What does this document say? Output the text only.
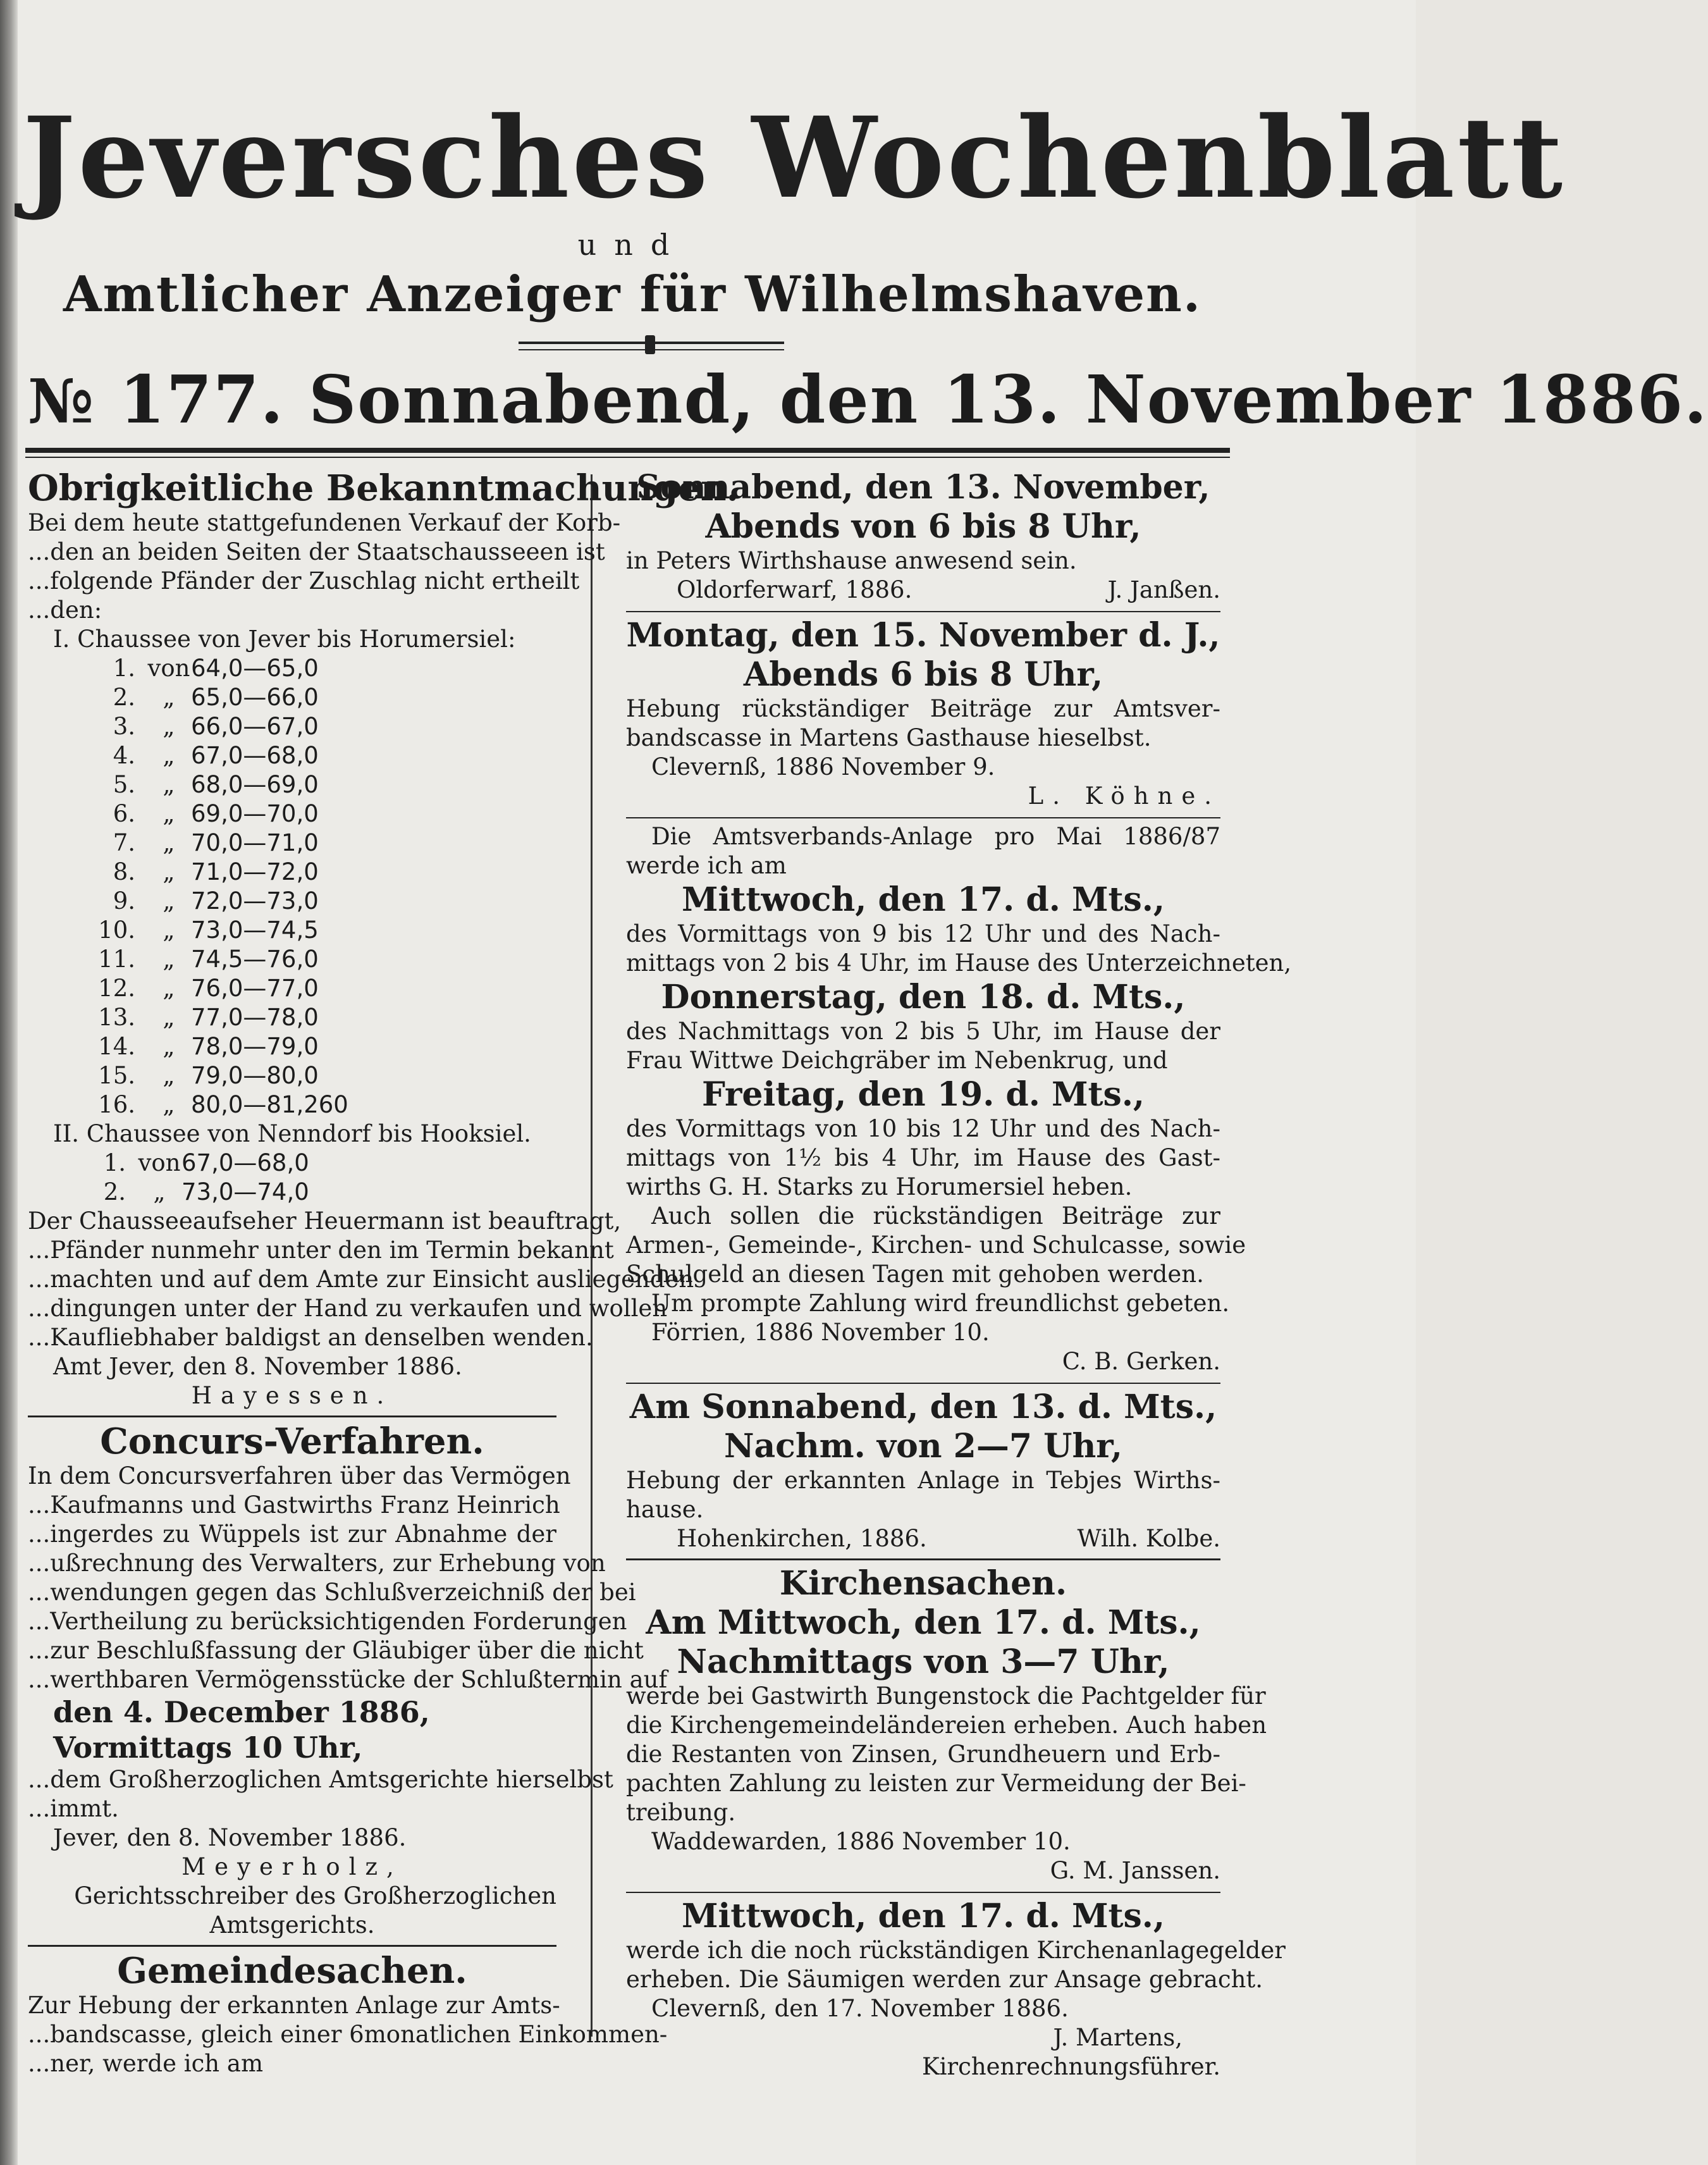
Jeversches Wochenblatt
und
Amtlicher Anzeiger für Wilhelmshaven.
№ 177. Sonnabend, den 13. November 1886.
Obrigkeitliche Bekanntmachungen.
Bei dem heute stattgefundenen Verkauf der Korb-
...den an beiden Seiten der Staatschausseeen ist
...folgende Pfänder der Zuschlag nicht ertheilt
...den:
I. Chaussee von Jever bis Horumersiel:
1. von 64,0—65,0
2.	„ 65,0—66,0
3.	„ 66,0—67,0
4.	„ 67,0—68,0
5.	„ 68,0—69,0
6.	„ 69,0—70,0
7.	„ 70,0—71,0
8.	„ 71,0—72,0
9.	„ 72,0—73,0
10.	„ 73,0—74,5
11.	„ 74,5—76,0
12.	„ 76,0—77,0
13.	„ 77,0—78,0
14.	„ 78,0—79,0
15.	„ 79,0—80,0
16.	„ 80,0—81,260
II. Chaussee von Nenndorf bis Hooksiel.
1. von 67,0—68,0
2.	„ 73,0—74,0
Der Chausseeaufseher Heuermann ist beauftragt,
...Pfänder nunmehr unter den im Termin bekannt
...machten und auf dem Amte zur Einsicht ausliegenden
...dingungen unter der Hand zu verkaufen und wollen
...Kaufliebhaber baldigst an denselben wenden.
Amt Jever, den 8. November 1886.
Hayessen.
Concurs-Verfahren.
In dem Concursverfahren über das Vermögen
...Kaufmanns und Gastwirths Franz Heinrich
...ingerdes zu Wüppels ist zur Abnahme der
...ußrechnung des Verwalters, zur Erhebung von
...wendungen gegen das Schlußverzeichniß der bei
...Vertheilung zu berücksichtigenden Forderungen
...zur Beschlußfassung der Gläubiger über die nicht
...werthbaren Vermögensstücke der Schlußtermin auf
den 4. December 1886,
Vormittags 10 Uhr,
...dem Großherzoglichen Amtsgerichte hierselbst
...immt.
Jever, den 8. November 1886.
Meyerholz,
Gerichtsschreiber des Großherzoglichen
Amtsgerichts.
Gemeindesachen.
Zur Hebung der erkannten Anlage zur Amts-
...bandscasse, gleich einer 6monatlichen Einkommen-
...ner, werde ich am
Sonnabend, den 13. November,
Abends von 6 bis 8 Uhr,
in Peters Wirthshause anwesend sein.
Oldorferwarf, 1886.	J. Janßen.
Montag, den 15. November d. J.,
Abends 6 bis 8 Uhr,
Hebung rückständiger Beiträge zur Amtsver-
bandscasse in Martens Gasthause hieselbst.
Clevernß, 1886 November 9.
L. Köhne.
Die Amtsverbands-Anlage pro Mai 1886/87
werde ich am
Mittwoch, den 17. d. Mts.,
des Vormittags von 9 bis 12 Uhr und des Nach-
mittags von 2 bis 4 Uhr, im Hause des Unterzeichneten,
Donnerstag, den 18. d. Mts.,
des Nachmittags von 2 bis 5 Uhr, im Hause der
Frau Wittwe Deichgräber im Nebenkrug, und
Freitag, den 19. d. Mts.,
des Vormittags von 10 bis 12 Uhr und des Nach-
mittags von 1½ bis 4 Uhr, im Hause des Gast-
wirths G. H. Starks zu Horumersiel heben.
Auch sollen die rückständigen Beiträge zur
Armen-, Gemeinde-, Kirchen- und Schulcasse, sowie
Schulgeld an diesen Tagen mit gehoben werden.
Um prompte Zahlung wird freundlichst gebeten.
Förrien, 1886 November 10.
C. B. Gerken.
Am Sonnabend, den 13. d. Mts.,
Nachm. von 2—7 Uhr,
Hebung der erkannten Anlage in Tebjes Wirths-
hause.
Hohenkirchen, 1886.	Wilh. Kolbe.
Kirchensachen.
Am Mittwoch, den 17. d. Mts.,
Nachmittags von 3—7 Uhr,
werde bei Gastwirth Bungenstock die Pachtgelder für
die Kirchengemeindeländereien erheben. Auch haben
die Restanten von Zinsen, Grundheuern und Erb-
pachten Zahlung zu leisten zur Vermeidung der Bei-
treibung.
Waddewarden, 1886 November 10.
G. M. Janssen.
Mittwoch, den 17. d. Mts.,
werde ich die noch rückständigen Kirchenanlagegelder
erheben. Die Säumigen werden zur Ansage gebracht.
Clevernß, den 17. November 1886.
J. Martens,
Kirchenrechnungsführer.
